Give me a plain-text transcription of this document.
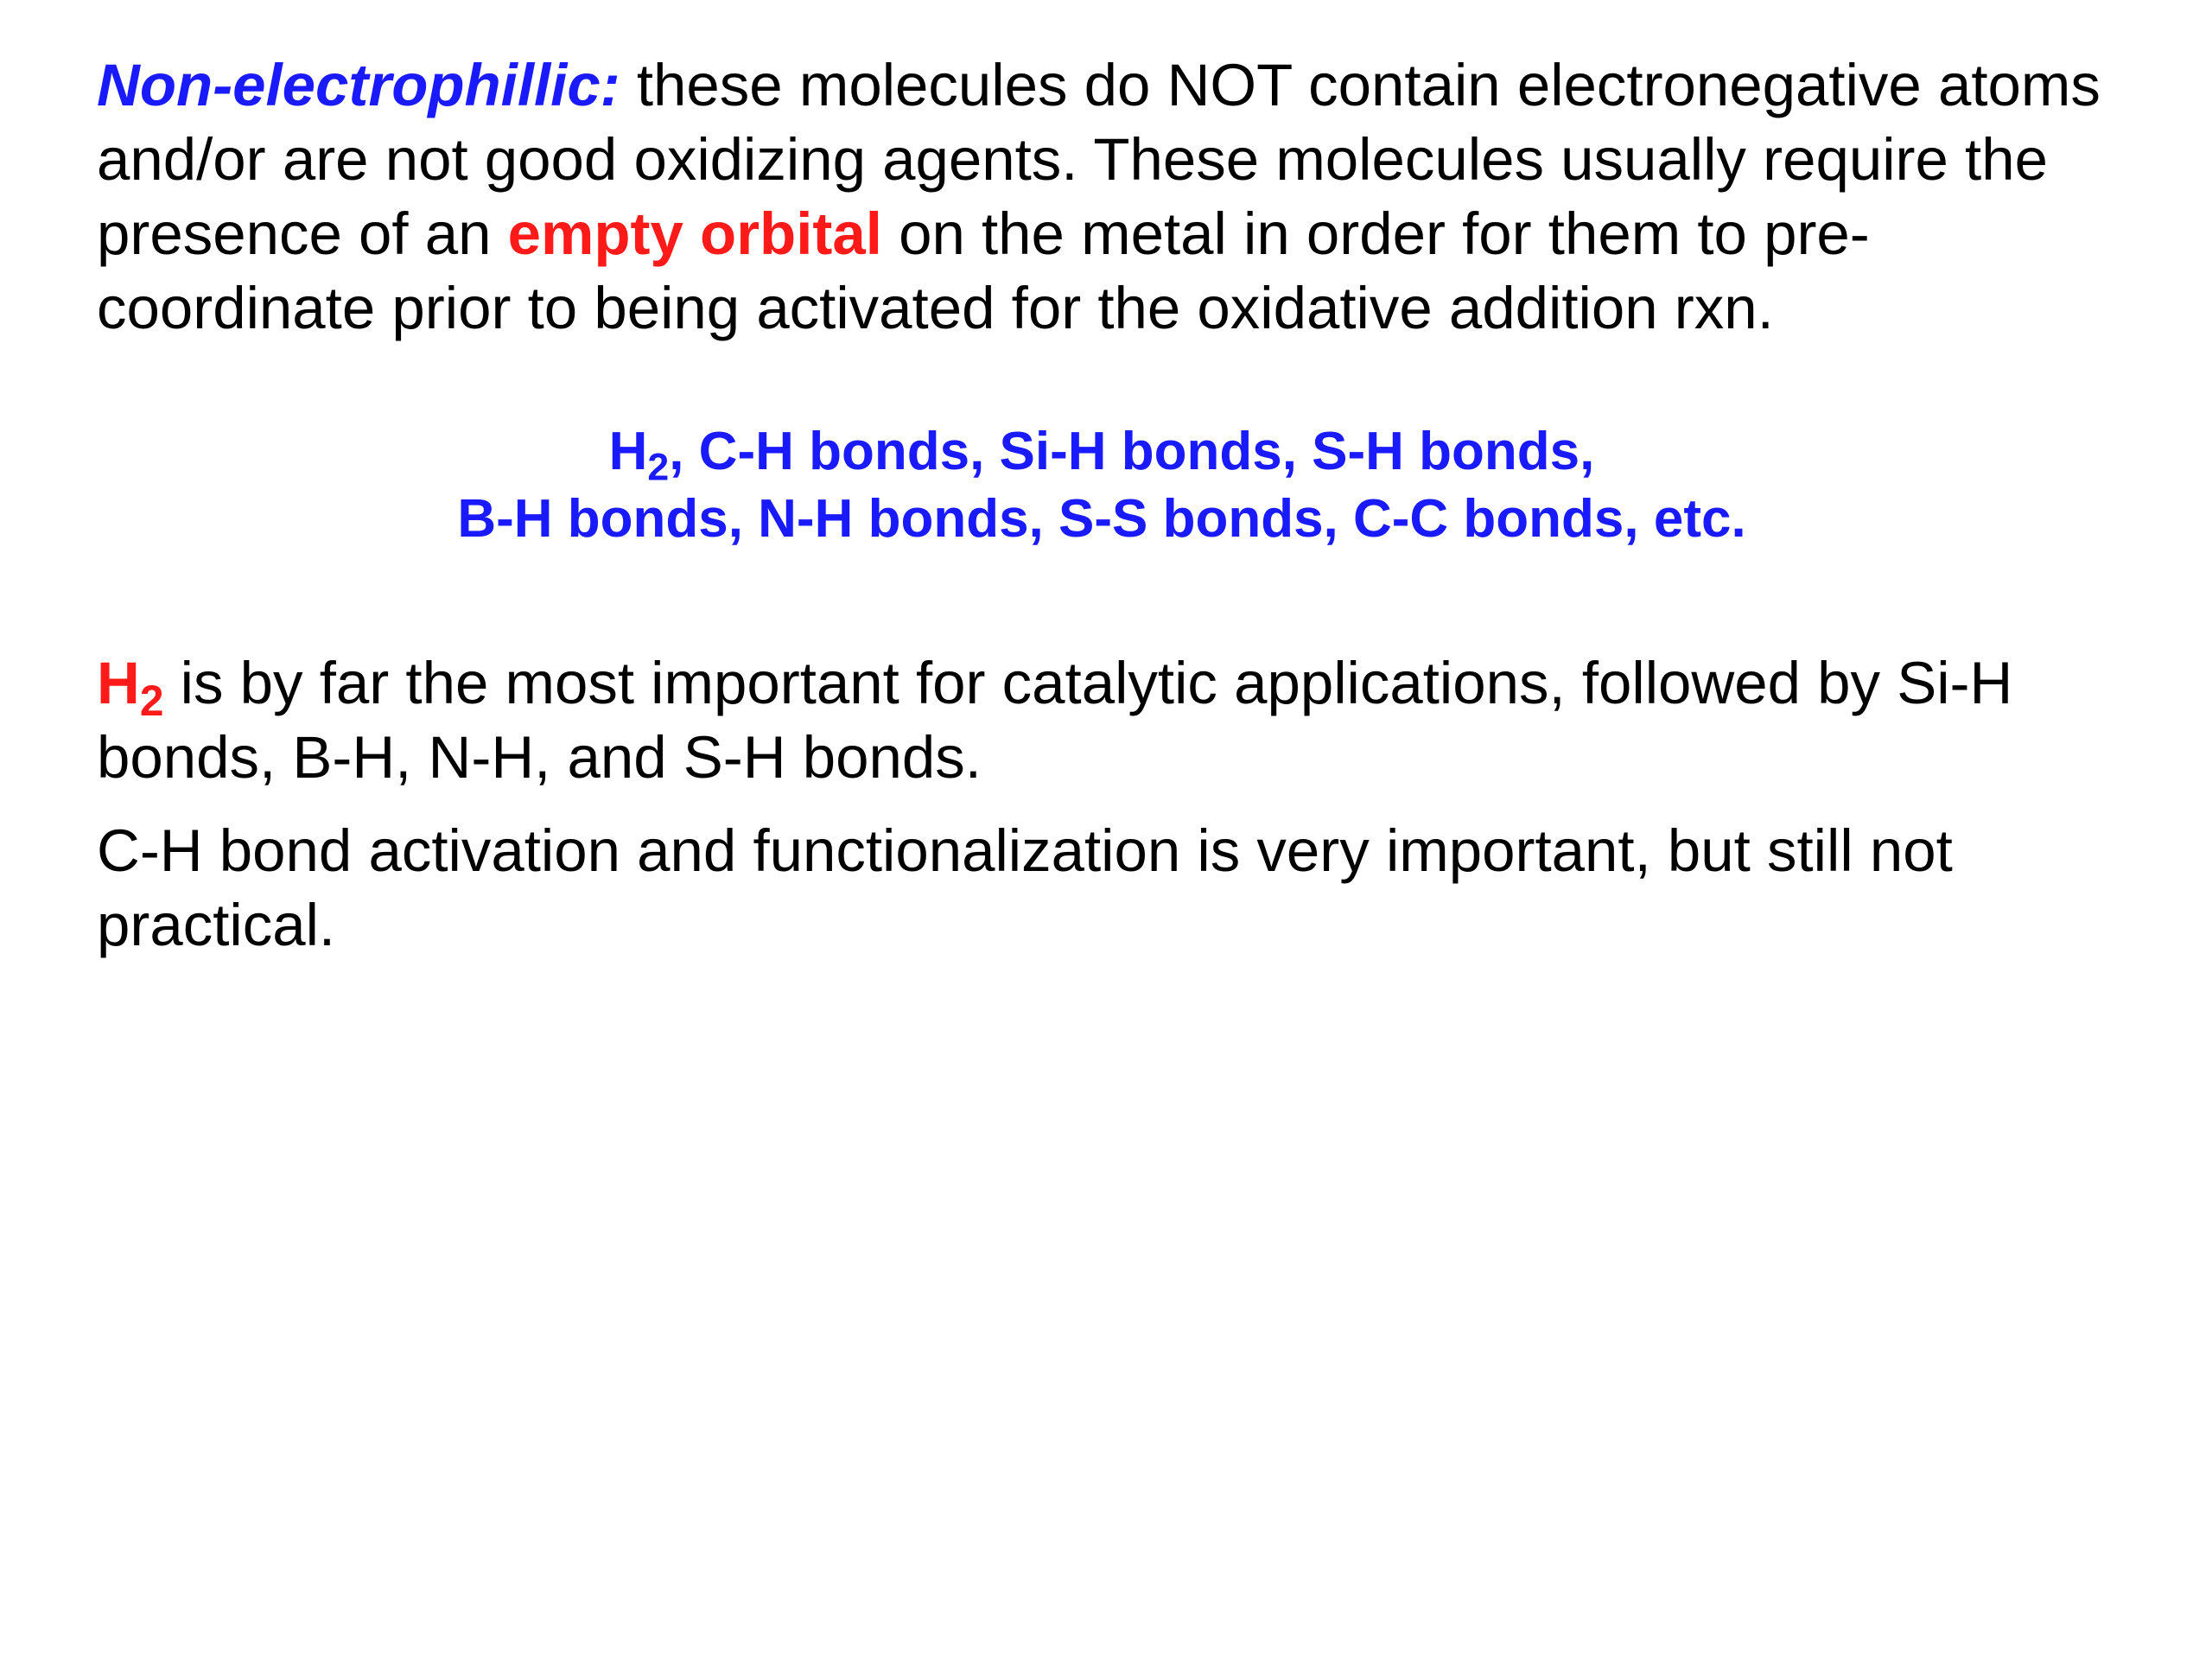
Non-electrophillic: these molecules do NOT contain electronegative atoms and/or are not good oxidizing agents. These molecules usually require the presence of an empty orbital on the metal in order for them to pre-coordinate prior to being activated for the oxidative addition rxn.

$H_2$, C-H bonds, Si-H bonds, S-H bonds,
B-H bonds, N-H bonds, S-S bonds, C-C bonds, etc.

$H_2$ is by far the most important for catalytic applications, followed by Si-H bonds, B-H, N-H, and S-H bonds.

C-H bond activation and functionalization is very important, but still not practical.
